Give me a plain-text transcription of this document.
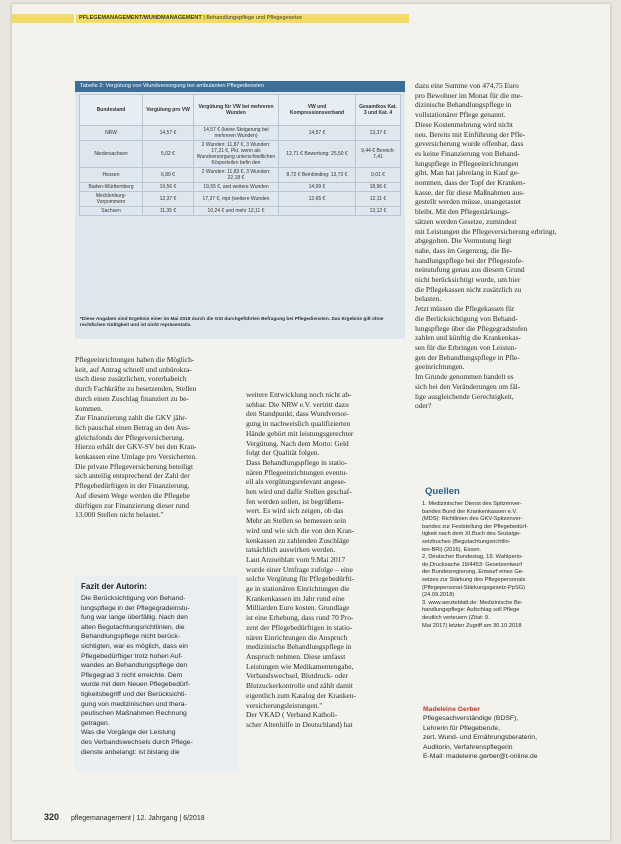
PFLEGEMANAGEMENT/WUNDMANAGEMENT | Behandlungspflege und Pflegegesetze
Tabelle 2: Vergütung von Wundversorgung bei ambulanten Pflegediensten
Bundesland	Vergütung pro VW	Vergütung für VW bei mehreren Wunden	VW und Kompressionsverband	Gesamtkos Kat. 3 und Kat. 4
NRW	14,57 €	14,57 € (keine Steigerung bei mehreren Wunden)	14,57 €	13,37 €
Niedersachsen	5,02 €	2 Wunden: 11,87 €, 3 Wunden: 17,21 €, Pkt. wenn als Wundversorgung unterschiedlichen Körperteilen befin den	12,71 € Bewertung: 25,50 €	9,44 € Bereich: 7,41
Hessen	6,89 €	2 Wunden: 11,83 €, 3 Wunden: 22,18 €	8,72 € Beinbinding: 13,73 €	9,01 €
Baden-Württemberg	19,56 €	19,55 €, and weitere Wunden	14,99 €	18,96 €
Mecklenburg-Vorpommern	12,37 €	17,37 €, mpt (weitere Wunden	12,65 €	12,11 €
Sachsen	11,35 €	10,24 € und mehr 12,11 €		13,12 €
*Diese Angaben sind Ergebnis einer im Mai 2018 durch die GSI durchgeführten Befragung bei Pflegediensten. Das Ergebnis gilt ohne rechtlichen Gültigkeit und ist nicht repräsentativ.
Pflegeeinrichtungen haben die Möglich-
keit, auf Antrag schnell und unbürokra-
tisch diese zusätzlichen, vorerhabeich
durch Fachkräfte zu besetzenden, Stellen
durch einen Zuschlag finanziert zu be-
kommen.
Zur Finanzierung zahlt die GKV jähr-
lich pauschal einen Betrag an den Aus-
gleichsfonds der Pflegeversicherung.
Hierzu erhält der GKV-SV bei den Kran-
kenkassen eine Umlage pro Versicherten.
Die private Pflegeversicherung beteiligt
sich anteilig entsprechend der Zahl der
Pflegebedürftigen in der Finanzierung.
Auf diesem Wege werden die Pflegebe
dürftigen zur Finanzierung dieser rund
13.000 Stellen nicht belastet."
Fazit der Autorin:
Die Berücksichtigung von Behand-
lungspflege in der Pflegegradeinstu-
fung war lange überfällig. Nach den
alten Begutachtungsrichtlinien, die
Behandlungspflege nicht berück-
sichtigten, war es möglich, dass ein
Pflegebedürftiger trotz hohen Auf-
wandes an Behandlungspflege den
Pflegegrad 3 nicht erreichte. Dem
wurde mit dem Neuen Pflegebedürf-
tigkeitsbegriff und der Berücksichti-
gung von medizinischen und thera-
peutischen Maßnahmen Rechnung
getragen.
Was die Vorgänge der Leistung
des Verbandswechsels durch Pflege-
dienste anbelangt: ist bislang die
weitere Entwicklung noch nicht ab-
sehbar. Die NRW e.V. vertritt dazu
den Standpunkt, dass Wundversor-
gung in nachweislich qualifizierten
Hände gehört mit leistungsgerechter
Vergütung. Nach dem Motto: Geld
folgt der Qualität folgen.
Dass Behandlungspflege in statio-
nären Pflegeeinrichtungen eventu-
ell als vergütungsrelevant angese-
hen wird und dafür Stellen geschaf-
fen werden sollen, ist begrüßens-
wert. Es wird sich zeigen, ob das
Mehr an Stellen so bemessen sein
wird und wie sich die von den Kran-
kenkassen zu zahlenden Zuschläge
tatsächlich auswirken werden.
Laut Arzneiblatt vom 9.Mai 2017
wurde einer Umfrage zufolge – eine
solche Vergütung für Pflegebedürfti-
ge in stationären Einrichtungen die
Krankenkassen im Jahr rund eine
Milliarden Euro kosten. Grundlage
ist eine Erhebung, dass rund 70 Pro-
zent der Pflegebedürftigen in statio-
nären Einrichtungen die Anspruch
medizinische Behandlungspflege in
Anspruch nehmen. Diese umfasst
Leistungen wie Medikamentengabe,
Verbandswechsel, Blutdruck- oder
Blutzuckerkontrolle und zählt damit
eigentlich zum Katalog der Kranken-
versicherungsleistungen."
Der VKAD ( Verband Katholi-
scher Altenhilfe in Deutschland) hat
dazu eine Summe von 474,75 Euro
pro Bewohner im Monat für die me-
dizinische Behandlungspflege in
vollstationärer Pflege genannt.
Diese Kostenmehrung wird nicht
neu. Bereits mit Einführung der Pfle-
geversicherung wurde offenbar, dass
es keine Finanzierung von Behand-
lungspflege in Pflegeeinrichtungen
gibt. Man hat jahrelang in Kauf ge-
nommen, dass der Topf der Kranken-
kasse, der für diese Maßnahmen aus-
gestellt werden müsse, unangetastet
bleibt. Mit den Pflegestärkungs-
sätzen werden Gesetze, zumindest
mit Leistungen die Pflegeversicherung erbringt,
abgegolten. Die Vermutung liegt
nahe, dass im Gegenzug, die Be-
handlungspflege bei der Pflegestufe-
neinstufung genau aus diesem Grund
nicht berücksichtigt wurde, um hier
die Pflegekassen nicht zusätzlich zu
belasten.
Jetzt müssen die Pflegekassen für
die Berücksichtigung von Behand-
lungspflege über die Pflegegradstufen
zahlen und künftig die Krankenkas-
sen für die Erbringen von Leistun-
gen der Behandlungspflege in Pfle-
geeinrichtungen.
Im Grunde genommen handelt es
sich bei den Veränderungen um fäl-
lige ausgleichende Gerechtigkeit,
oder?
Quellen
1. Medizinischer Dienst des Spitzenver-
bandes Bund der Krankenkassen e.V.
(MDS): Richtlinien des GKV-Spitzenver-
bandes zur Feststellung der Pflegebedürf-
tigkeit nach dem XI.Buch des Sozialge-
setzbuches (Begutachtungsrichtlin-
ien-BRi) (2016), Essen.
2. Deutscher Bundestag, 19. Wahlperio-
de,Drucksache 19/4453: Gesetzentwurf
der Bundesregierung, Entwurf eines Ge-
setzes zur Stärkung des Pflegepersonals
(Pflegepersonal-Stärkungsgesetz-PpSG)
(24.09.2018)
3. www.aerzteblatt.de: Medizinische Be-
handlungspflege: Aufschlag soll Pflege
deutlich verteuern (Zitat: 9.
Mai 2017) letzter Zugriff am 30.10.2018
Madeleine Gerber
Pflegesachverständige (BDSF),
Lehrerin für Pflegeberufe,
zert. Wund- und Ernährungsberaterin,
Auditorin, Verfahrenspflegerin
E-Mail: madeleine.gerber@t-online.de
320 pflegemanagement | 12. Jahrgang | 6/2018
